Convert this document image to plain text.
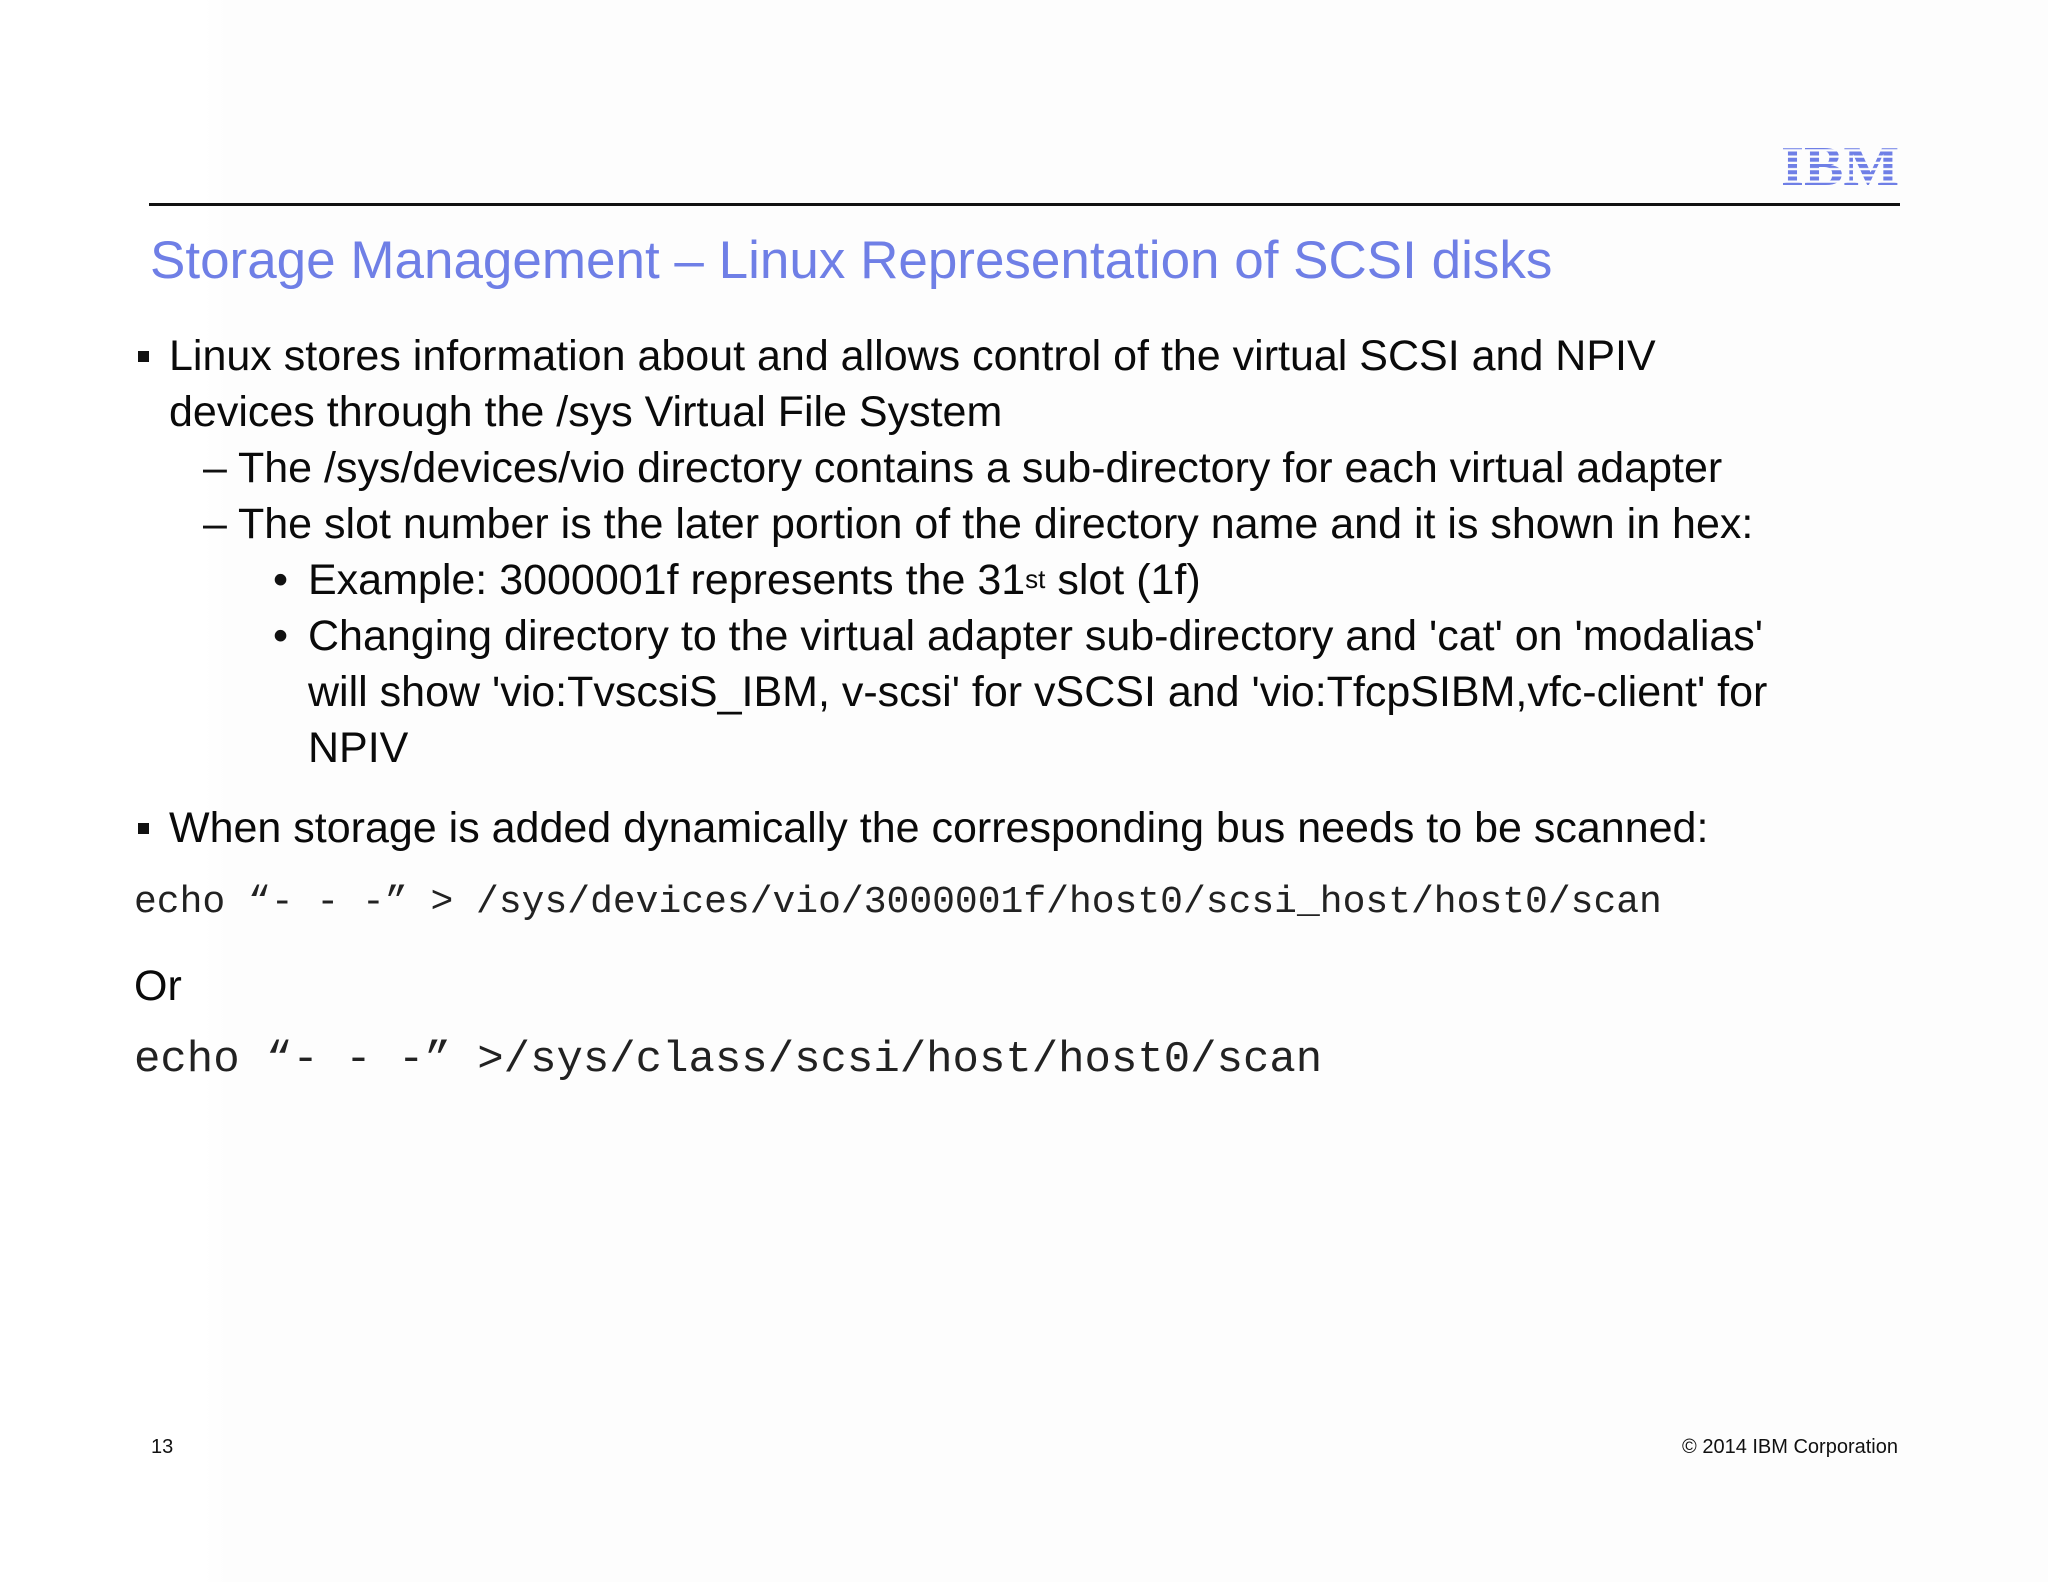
IBM
Storage Management – Linux Representation of SCSI disks
Linux stores information about and allows control of the virtual SCSI and NPIV
devices through the /sys Virtual File System
– The /sys/devices/vio directory contains a sub-directory for each virtual adapter
– The slot number is the later portion of the directory name and it is shown in hex:
• Example: 3000001f represents the 31st slot (1f)
• Changing directory to the virtual adapter sub-directory and 'cat' on 'modalias'
will show 'vio:TvscsiS_IBM, v-scsi' for vSCSI and 'vio:TfcpSIBM,vfc-client' for
NPIV
When storage is added dynamically the corresponding bus needs to be scanned:
echo “- - -” > /sys/devices/vio/3000001f/host0/scsi_host/host0/scan
Or
echo “- - -” >/sys/class/scsi/host/host0/scan
13	© 2014 IBM Corporation
